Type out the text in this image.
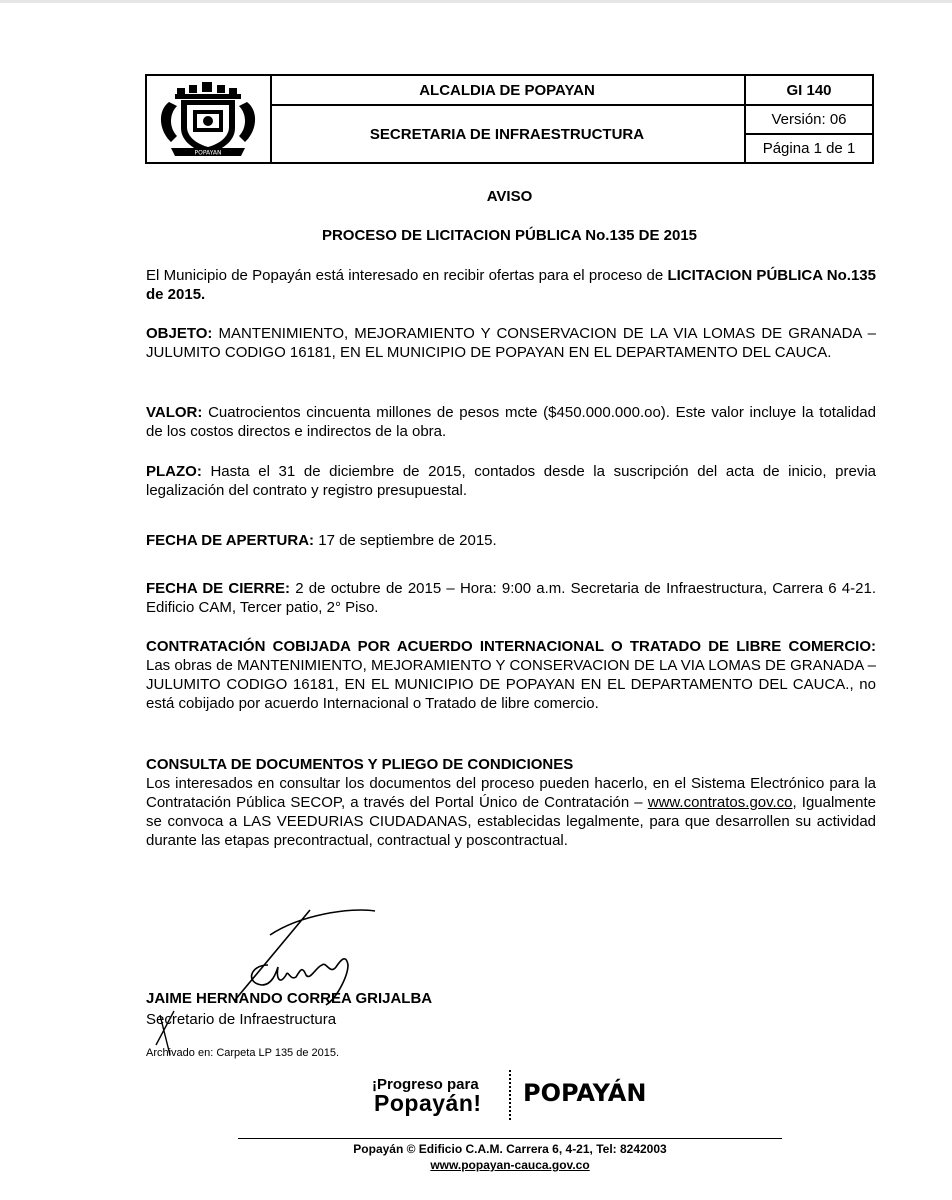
POPAYAN
ALCALDIA DE POPAYAN
SECRETARIA DE INFRAESTRUCTURA
GI 140
Versión: 06
Página 1 de 1
AVISO
PROCESO DE LICITACION PÚBLICA No.135 DE 2015
El Municipio de Popayán está interesado en recibir ofertas para el proceso de LICITACION PÚBLICA No.135 de 2015.
OBJETO: MANTENIMIENTO, MEJORAMIENTO Y CONSERVACION DE LA VIA LOMAS DE GRANADA – JULUMITO CODIGO 16181, EN EL MUNICIPIO DE POPAYAN EN EL DEPARTAMENTO DEL CAUCA.
VALOR: Cuatrocientos cincuenta millones de pesos mcte ($450.000.000.oo). Este valor incluye la totalidad de los costos directos e indirectos de la obra.
PLAZO: Hasta el 31 de diciembre de 2015, contados desde la suscripción del acta de inicio, previa legalización del contrato y registro presupuestal.
FECHA DE APERTURA: 17 de septiembre de 2015.
FECHA DE CIERRE: 2 de octubre de 2015 – Hora: 9:00 a.m. Secretaria de Infraestructura, Carrera 6 4-21. Edificio CAM, Tercer patio, 2° Piso.
CONTRATACIÓN COBIJADA POR ACUERDO INTERNACIONAL O TRATADO DE LIBRE COMERCIO: Las obras de MANTENIMIENTO, MEJORAMIENTO Y CONSERVACION DE LA VIA LOMAS DE GRANADA – JULUMITO CODIGO 16181, EN EL MUNICIPIO DE POPAYAN EN EL DEPARTAMENTO DEL CAUCA., no está cobijado por acuerdo Internacional o Tratado de libre comercio.
CONSULTA DE DOCUMENTOS Y PLIEGO DE CONDICIONES
Los interesados en consultar los documentos del proceso pueden hacerlo, en el Sistema Electrónico para la Contratación Pública SECOP, a través del Portal Único de Contratación – www.contratos.gov.co, Igualmente se convoca a LAS VEEDURIAS CIUDADANAS, establecidas legalmente, para que desarrollen su actividad durante las etapas precontractual, contractual y poscontractual.
JAIME HERNANDO CORREA GRIJALBA
Secretario de Infraestructura
Archivado en: Carpeta LP 135 de 2015.
¡Progreso para
Popayán! POPAYÁN
Popayán © Edificio C.A.M. Carrera 6, 4-21, Tel: 8242003
www.popayan-cauca.gov.co
